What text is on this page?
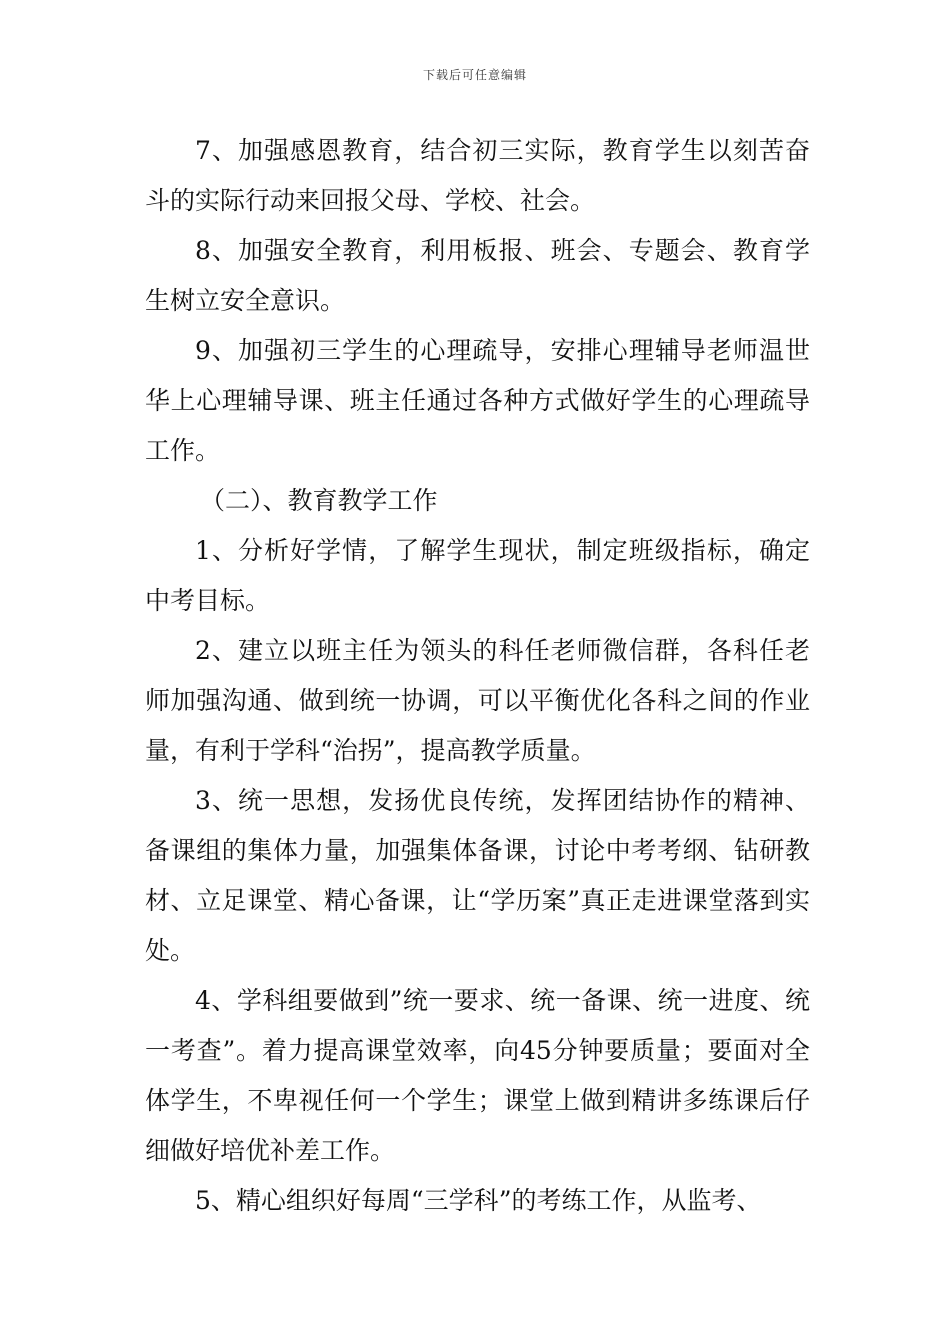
下载后可任意编辑

7、加强感恩教育，结合初三实际，教育学生以刻苦奋斗的实际行动来回报父母、学校、社会。

8、加强安全教育，利用板报、班会、专题会、教育学生树立安全意识。

9、加强初三学生的心理疏导，安排心理辅导老师温世华上心理辅导课、班主任通过各种方式做好学生的心理疏导工作。

（二）、教育教学工作

1、分析好学情，了解学生现状，制定班级指标，确定中考目标。

2、建立以班主任为领头的科任老师微信群，各科任老师加强沟通、做到统一协调，可以平衡优化各科之间的作业量，有利于学科“治拐”，提高教学质量。

3、统一思想，发扬优良传统，发挥团结协作的精神、备课组的集体力量，加强集体备课，讨论中考考纲、钻研教材、立足课堂、精心备课，让“学历案”真正走进课堂落到实处。

4、学科组要做到”统一要求、统一备课、统一进度、统一考查”。着力提高课堂效率，向45分钟要质量；要面对全体学生，不卑视任何一个学生；课堂上做到精讲多练课后仔细做好培优补差工作。

5、精心组织好每周“三学科”的考练工作，从监考、
